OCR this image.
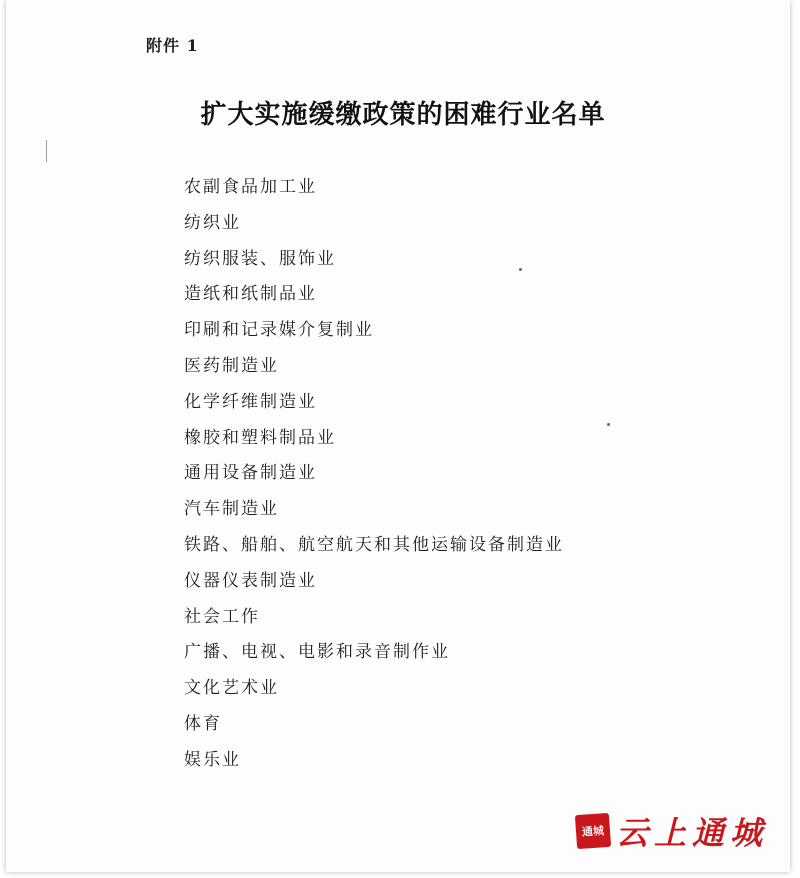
附件 1
扩大实施缓缴政策的困难行业名单
农副食品加工业
纺织业
纺织服装、服饰业
造纸和纸制品业
印刷和记录媒介复制业
医药制造业
化学纤维制造业
橡胶和塑料制品业
通用设备制造业
汽车制造业
铁路、船舶、航空航天和其他运输设备制造业
仪器仪表制造业
社会工作
广播、电视、电影和录音制作业
文化艺术业
体育
娱乐业
通城 云上通城
